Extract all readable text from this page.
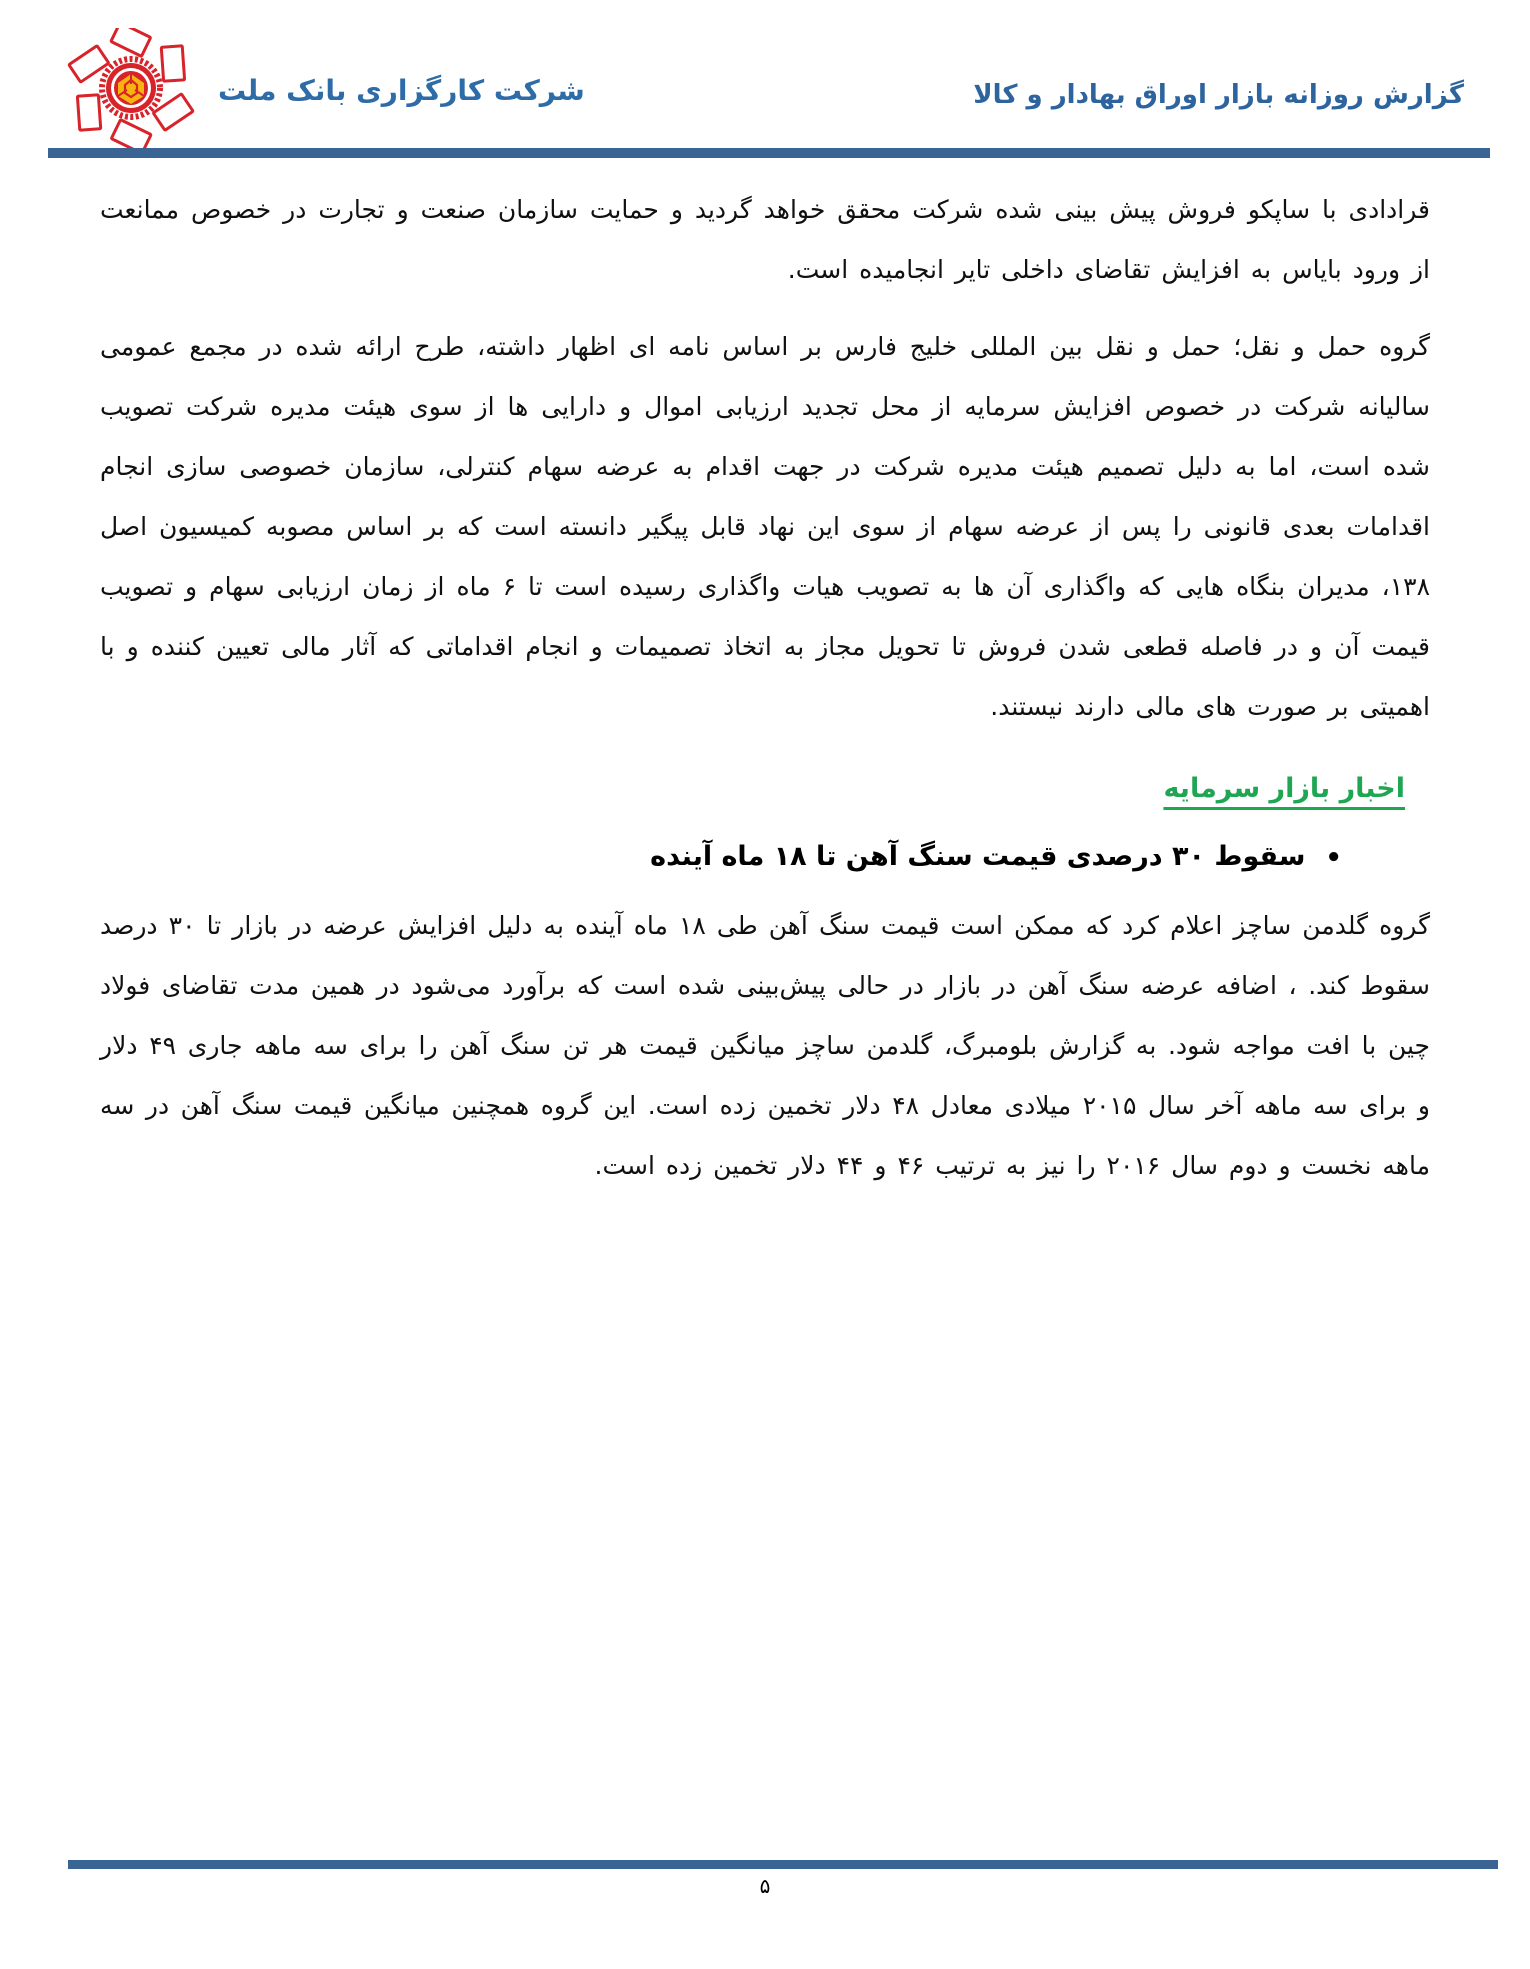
شرکت کارگزاری بانک ملت	گزارش روزانه بازار اوراق بهادار و کالا

قرادادی با ساپکو فروش پیش بینی شده شرکت محقق خواهد گردید و حمایت سازمان صنعت و تجارت در خصوص ممانعت از ورود بایاس به افزایش تقاضای داخلی تایر انجامیده است.

گروه حمل و نقل؛ حمل و نقل بین المللی خلیج فارس بر اساس نامه ای اظهار داشته، طرح ارائه شده در مجمع عمومی سالیانه شرکت در خصوص افزایش سرمایه از محل تجدید ارزیابی اموال و دارایی ها از سوی هیئت مدیره شرکت تصویب شده است، اما به دلیل تصمیم هیئت مدیره شرکت در جهت اقدام به عرضه سهام کنترلی، سازمان خصوصی سازی انجام اقدامات بعدی قانونی را پس از عرضه سهام از سوی این نهاد قابل پیگیر دانسته است که بر اساس مصوبه کمیسیون اصل ۱۳۸، مدیران بنگاه هایی که واگذاری آن ها به تصویب هیات واگذاری رسیده است تا ۶ ماه از زمان ارزیابی سهام و تصویب قیمت آن و در فاصله قطعی شدن فروش تا تحویل مجاز به اتخاذ تصمیمات و انجام اقداماتی که آثار مالی تعیین کننده و با اهمیتی بر صورت های مالی دارند نیستند.

اخبار بازار سرمایه
•سقوط ۳۰ درصدی قیمت سنگ آهن تا ۱۸ ماه آینده

گروه گلدمن ساچز اعلام کرد که ممکن است قیمت سنگ آهن طی ۱۸ ماه آینده به دلیل افزایش عرضه در بازار تا ۳۰ درصد سقوط کند. ، اضافه عرضه سنگ آهن در بازار در حالی پیش‌بینی شده است که برآورد می‌شود در همین مدت تقاضای فولاد چین با افت مواجه شود. به گزارش بلومبرگ، گلدمن ساچز میانگین قیمت هر تن سنگ آهن را برای سه ماهه جاری ۴۹ دلار و برای سه ماهه آخر سال ۲۰۱۵ میلادی معادل ۴۸ دلار تخمین زده است. این گروه همچنین میانگین قیمت سنگ آهن در سه ماهه نخست و دوم سال ۲۰۱۶ را نیز به ترتیب ۴۶ و ۴۴ دلار تخمین زده است.

۵
